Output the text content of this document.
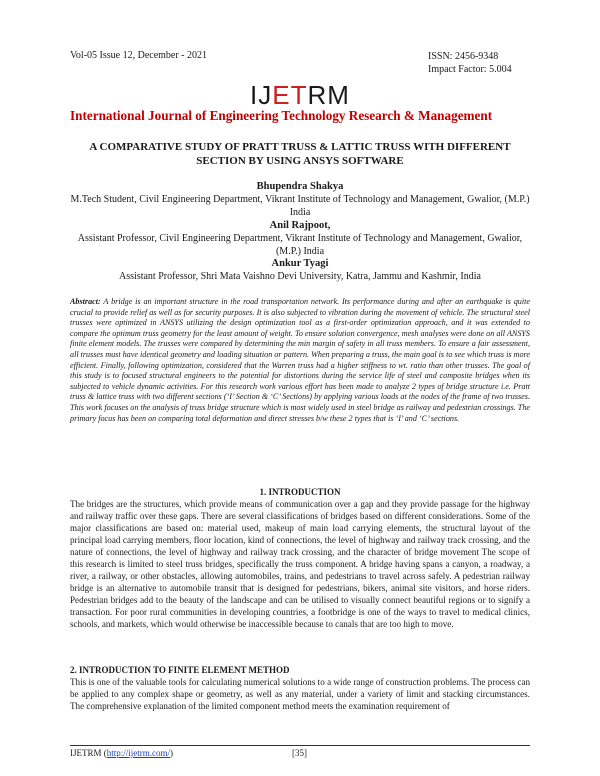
Vol-05 Issue 12, December - 2021	ISSN: 2456-9348
Impact Factor: 5.004
IJETRM
International Journal of Engineering Technology Research & Management
A COMPARATIVE STUDY OF PRATT TRUSS & LATTIC TRUSS WITH DIFFERENT SECTION BY USING ANSYS SOFTWARE
Bhupendra Shakya
M.Tech Student, Civil Engineering Department, Vikrant Institute of Technology and Management, Gwalior, (M.P.) India
Anil Rajpoot,
Assistant Professor, Civil Engineering Department, Vikrant Institute of Technology and Management, Gwalior, (M.P.) India
Ankur Tyagi
Assistant Professor, Shri Mata Vaishno Devi University, Katra, Jammu and Kashmir, India
Abstract: A bridge is an important structure in the road transportation network. Its performance during and after an earthquake is quite crucial to provide relief as well as for security purposes. It is also subjected to vibration during the movement of vehicle. The structural steel trusses were optimized in ANSYS utilizing the design optimization tool as a first-order optimization approach, and it was extended to compare the optimum truss geometry for the least amount of weight. To ensure solution convergence, mesh analyses were done on all ANSYS finite element models. The trusses were compared by determining the min margin of safety in all truss members. To ensure a fair assessment, all trusses must have identical geometry and loading situation or pattern. When preparing a truss, the main goal is to see which truss is more efficient. Finally, following optimization, considered that the Warren truss had a higher stiffness to wt. ratio than other trusses. The goal of this study is to focused structural engineers to the potential for distortions during the service life of steel and composite bridges when its subjected to vehicle dynamic activities. For this research work various effort has been made to analyze 2 types of bridge structure i.e. Pratt truss & lattice truss with two different sections (‘I’ Section & ‘C’ Sections) by applying various loads at the nodes of the frame of two trusses. This work focuses on the analysis of truss bridge structure which is most widely used in steel bridge as railway and pedestrian crossings. The primary focus has been on comparing total deformation and direct stresses b/w these 2 types that is ‘I’ and ‘C’ sections.
1. INTRODUCTION
The bridges are the structures, which provide means of communication over a gap and they provide passage for the highway and railway traffic over these gaps. There are several classifications of bridges based on different considerations. Some of the major classifications are based on: material used, makeup of main load carrying elements, the structural layout of the principal load carrying members, floor location, kind of connections, the level of highway and railway track crossing, and the nature of connections, the level of highway and railway track crossing, and the character of bridge movement The scope of this research is limited to steel truss bridges, specifically the truss component. A bridge having spans a canyon, a roadway, a river, a railway, or other obstacles, allowing automobiles, trains, and pedestrians to travel across safely. A pedestrian railway bridge is an alternative to automobile transit that is designed for pedestrians, bikers, animal site visitors, and horse riders. Pedestrian bridges add to the beauty of the landscape and can be utilised to visually connect beautiful regions or to signify a transaction. For poor rural communities in developing countries, a footbridge is one of the ways to travel to medical clinics, schools, and markets, which would otherwise be inaccessible because to canals that are too high to move.
2. INTRODUCTION TO FINITE ELEMENT METHOD
This is one of the valuable tools for calculating numerical solutions to a wide range of construction problems. The process can be applied to any complex shape or geometry, as well as any material, under a variety of limit and stacking circumstances. The comprehensive explanation of the limited component method meets the examination requirement of
IJETRM (http://ijetrm.com/)	[35]
